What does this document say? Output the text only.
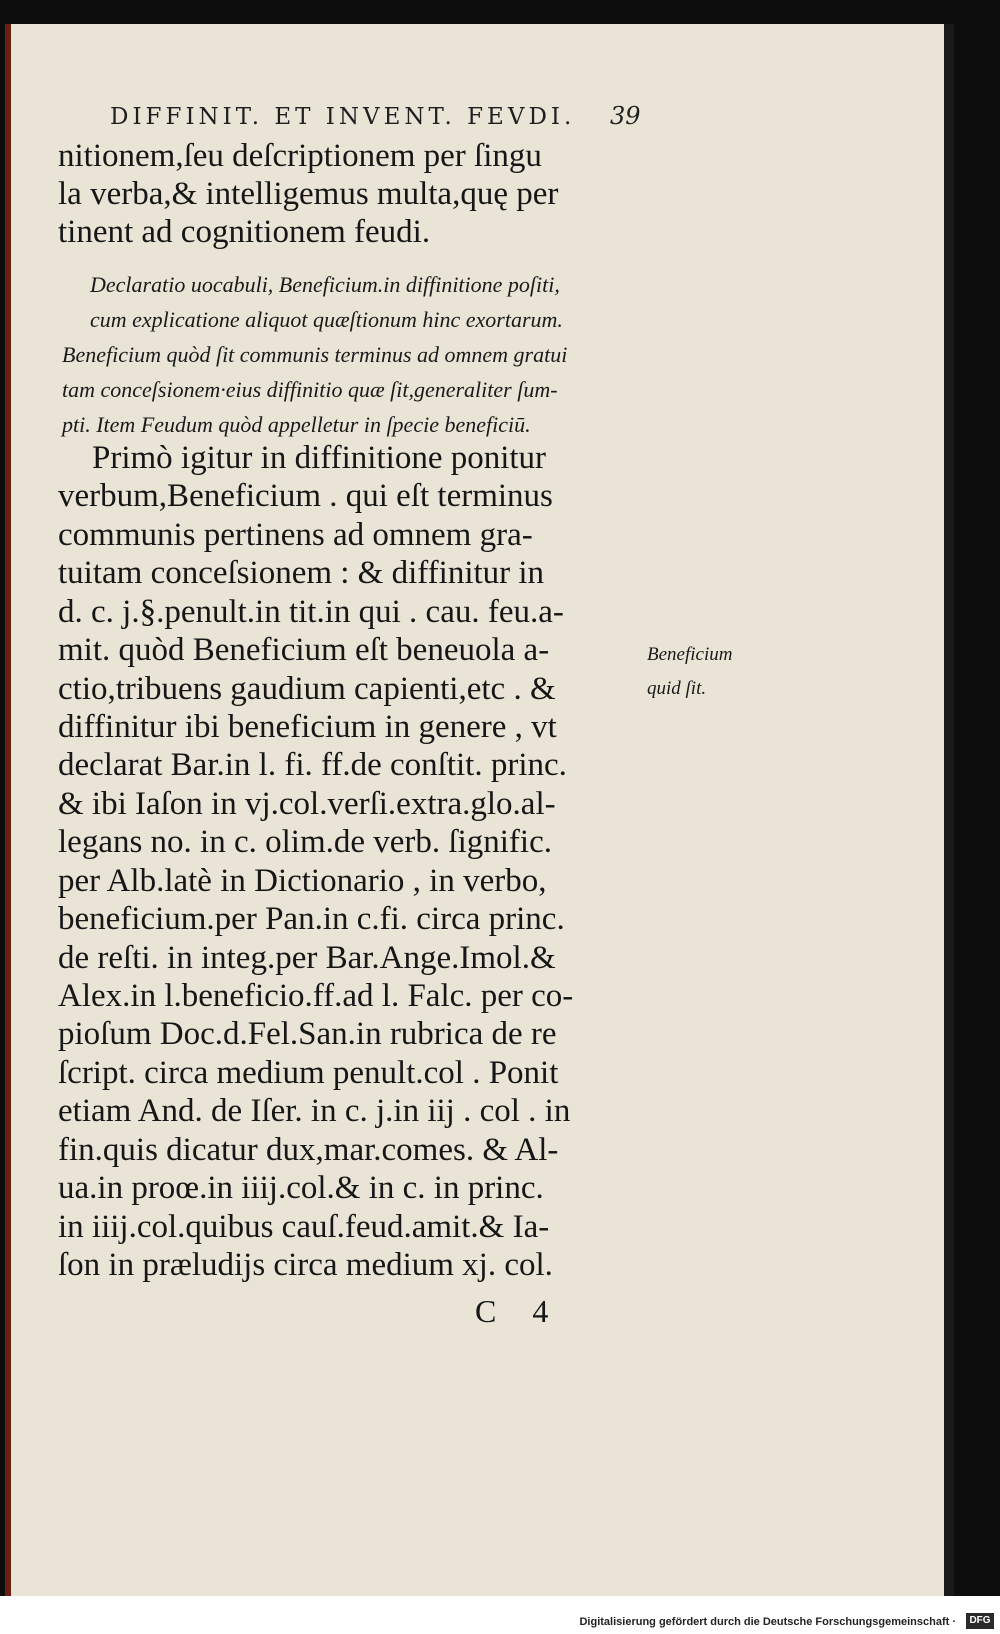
DIFFINIT. ET INVENT. FEVDI.	39
nitionem,ſeu deſcriptionem per ſingu
la verba,& intelligemus multa,quę per
tinent ad cognitionem feudi.
Declaratio uocabuli, Beneficium.in diffinitione poſiti,
cum explicatione aliquot quæſtionum hinc exortarum.
Beneficium quòd ſit communis terminus ad omnem gratui
tam conceſsionem·eius diffinitio quæ ſit,generaliter ſum-
pti. Item Feudum quòd appelletur in ſpecie beneficiū.
Primò igitur in diffinitione ponitur
verbum,Beneficium . qui eſt terminus
communis pertinens ad omnem gra-
tuitam conceſsionem : & diffinitur in
d. c. j.§.penult.in tit.in qui . cau. feu.a-
mit. quòd Beneficium eſt beneuola a-
ctio,tribuens gaudium capienti,etc . &
diffinitur ibi beneficium in genere , vt
declarat Bar.in l. fi. ff.de conſtit. princ.
& ibi Iaſon in vj.col.verſi.extra.glo.al-
legans no. in c. olim.de verb. ſignific.
per Alb.latè in Dictionario , in verbo,
beneficium.per Pan.in c.fi. circa princ.
de reſti. in integ.per Bar.Ange.Imol.&
Alex.in l.beneficio.ff.ad l. Falc. per co-
pioſum Doc.d.Fel.San.in rubrica de re
ſcript. circa medium penult.col . Ponit
etiam And. de Iſer. in c. j.in iij . col . in
fin.quis dicatur dux,mar.comes. & Al-
ua.in proœ.in iiij.col.& in c. in princ.
in iiij.col.quibus cauſ.feud.amit.& Ia-
ſon in præludijs circa medium xj. col.
Beneficium
quid ſit.
C 4
Digitalisierung gefördert durch die Deutsche Forschungsgemeinschaft ·	DFG
